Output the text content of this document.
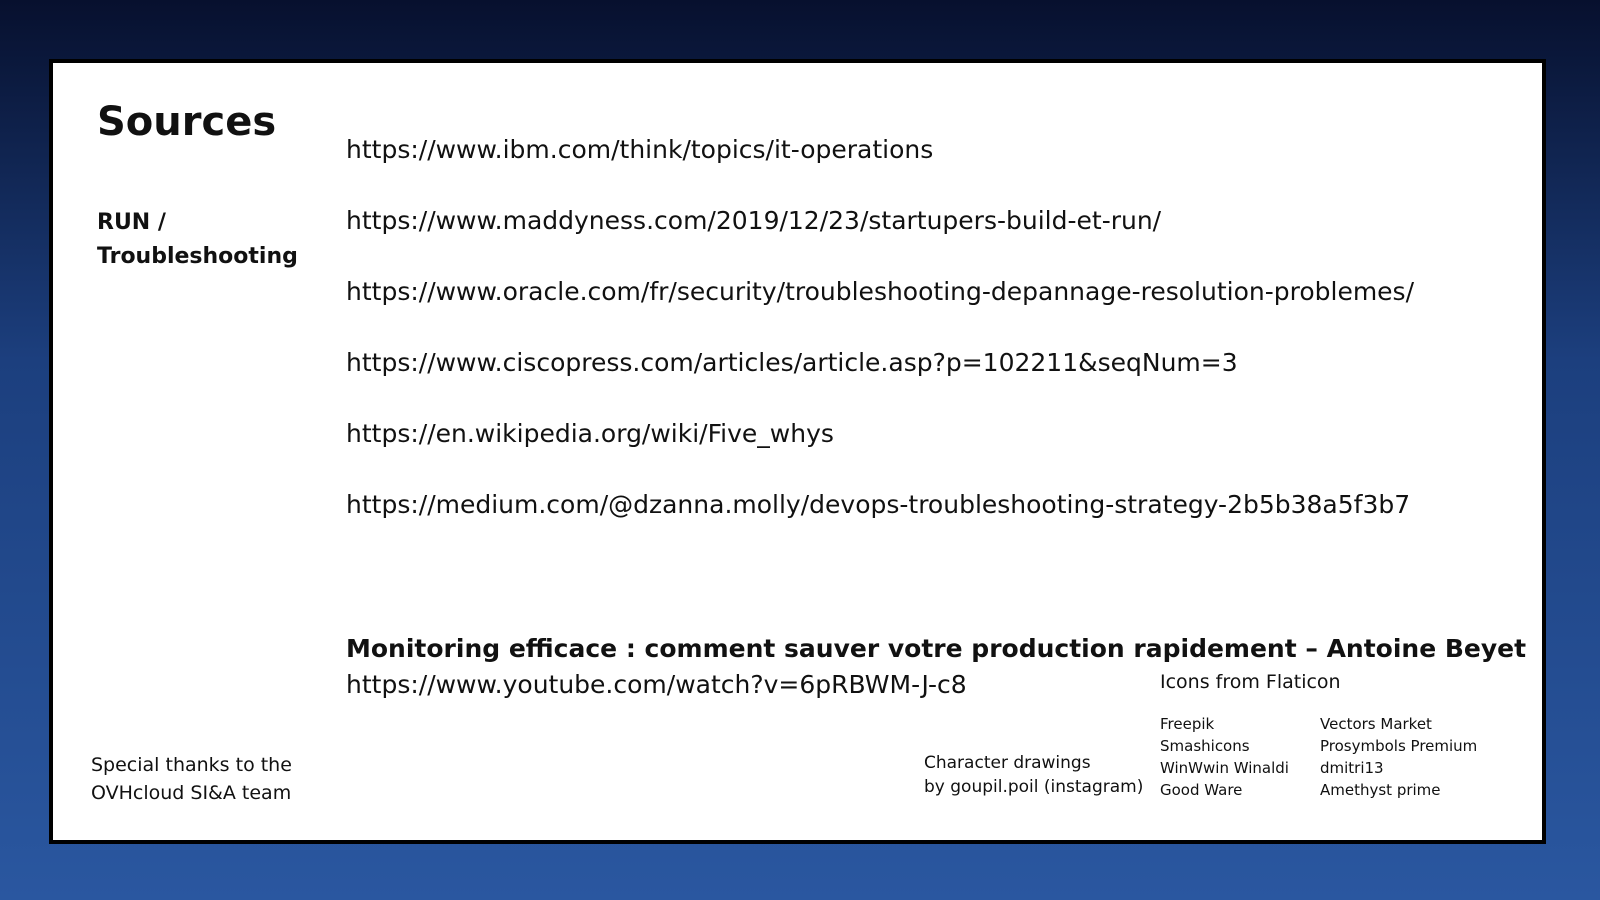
Sources
RUN /
Troubleshooting
https://www.ibm.com/think/topics/it-operations
https://www.maddyness.com/2019/12/23/startupers-build-et-run/
https://www.oracle.com/fr/security/troubleshooting-depannage-resolution-problemes/
https://www.ciscopress.com/articles/article.asp?p=102211&seqNum=3
https://en.wikipedia.org/wiki/Five_whys
https://medium.com/@dzanna.molly/devops-troubleshooting-strategy-2b5b38a5f3b7
Monitoring efficace : comment sauver votre production rapidement – Antoine Beyet
https://www.youtube.com/watch?v=6pRBWM-J-c8
Special thanks to the
OVHcloud SI&A team
Character drawings
by goupil.poil (instagram)
Icons from Flaticon
Freepik
Smashicons
WinWwin Winaldi
Good Ware
Vectors Market
Prosymbols Premium
dmitri13
Amethyst prime
